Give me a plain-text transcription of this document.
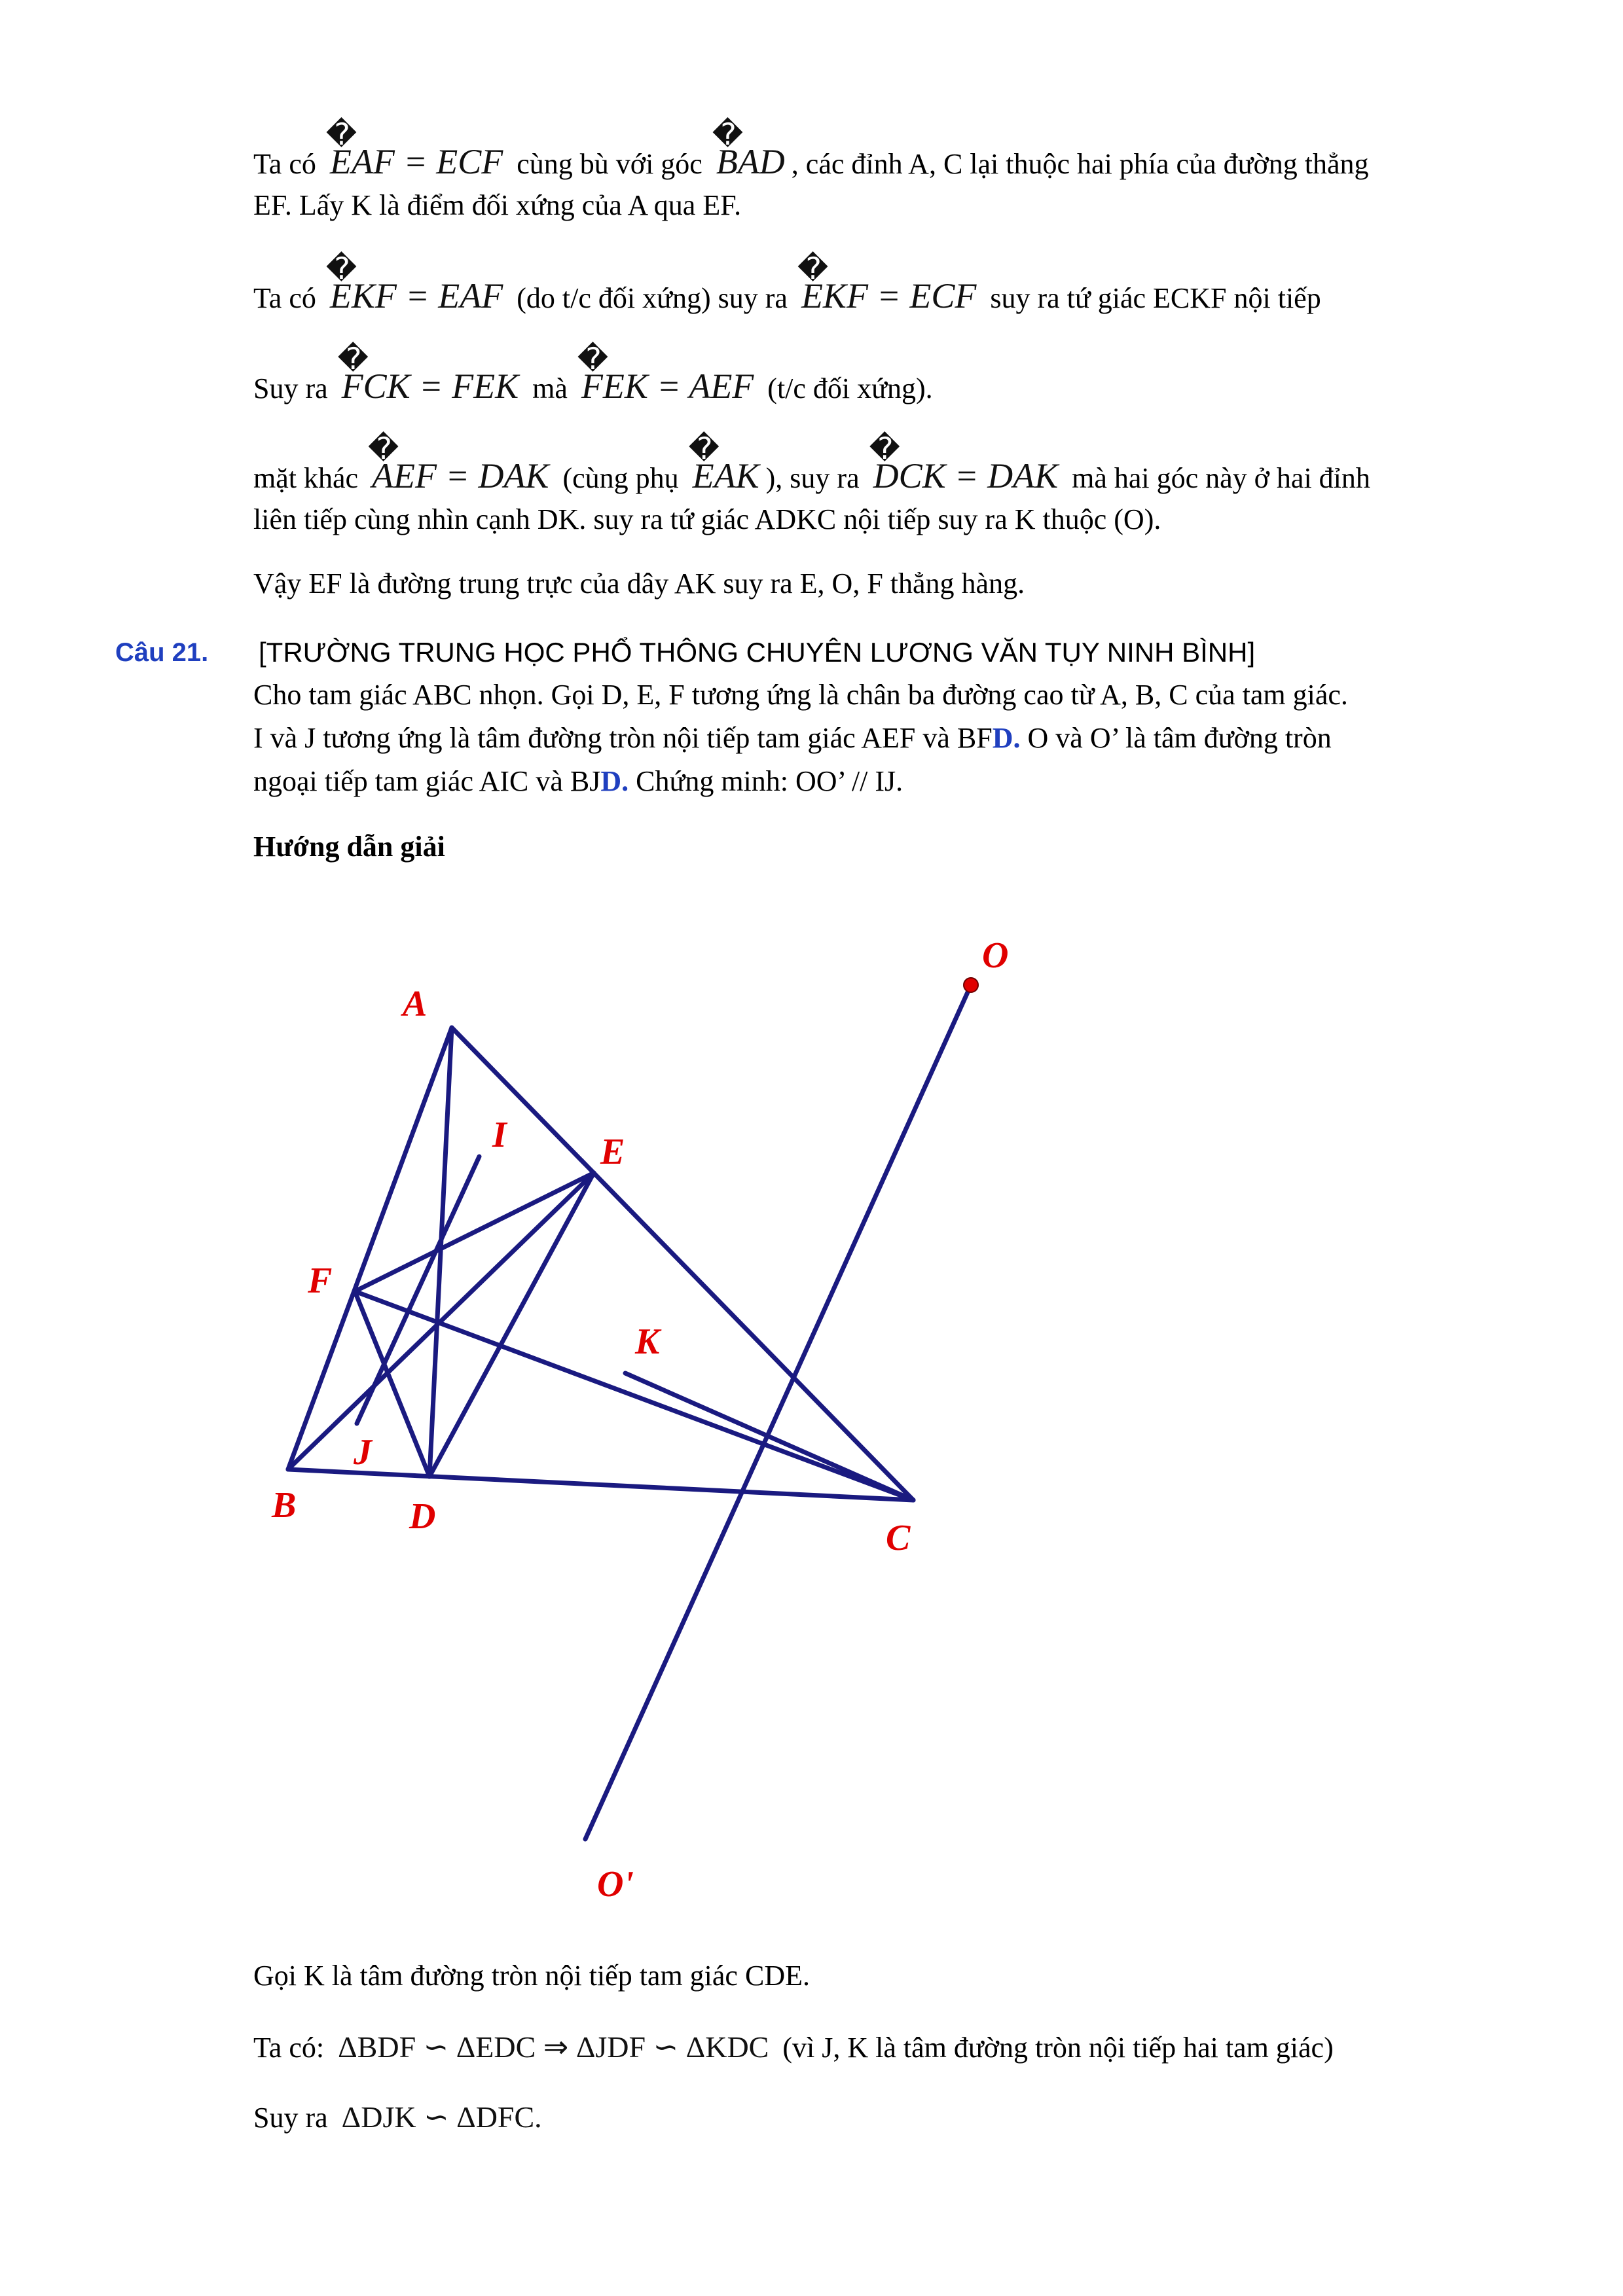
Ta có
�
EAF = ECF cùng bù với góc
�
BAD , các đỉnh A, C lại thuộc hai phía của đường thẳng
EF. Lấy K là điểm đối xứng của A qua EF.
Ta có
�
EKF = EAF (do t/c đối xứng) suy ra
�
EKF = ECF suy ra tứ giác ECKF nội tiếp
Suy ra
�
FCK = FEK mà
�
FEK = AEF (t/c đối xứng).
mặt khác
�
AEF = DAK (cùng phụ
�
EAK ), suy ra
�
DCK = DAK mà hai góc này ở hai đỉnh
liên tiếp cùng nhìn cạnh DK. suy ra tứ giác ADKC nội tiếp suy ra K thuộc (O).
Vậy EF là đường trung trực của dây AK suy ra E, O, F thẳng hàng.
Câu 21. [TRƯỜNG TRUNG HỌC PHỔ THÔNG CHUYÊN LƯƠNG VĂN TỤY NINH BÌNH]
Cho tam giác ABC nhọn. Gọi D, E, F tương ứng là chân ba đường cao từ A, B, C của tam giác.
I và J tương ứng là tâm đường tròn nội tiếp tam giác AEF và BFD. O và O’ là tâm đường tròn
ngoại tiếp tam giác AIC và BJD. Chứng minh: OO’ // IJ.
Hướng dẫn giải
A
B
C
D
E
F
I
J
K
O
O'
Gọi K là tâm đường tròn nội tiếp tam giác CDE.
Ta có: ΔBDF ∽ ΔEDC ⇒ ΔJDF ∽ ΔKDC (vì J, K là tâm đường tròn nội tiếp hai tam giác)
Suy ra ΔDJK ∽ ΔDFC.
